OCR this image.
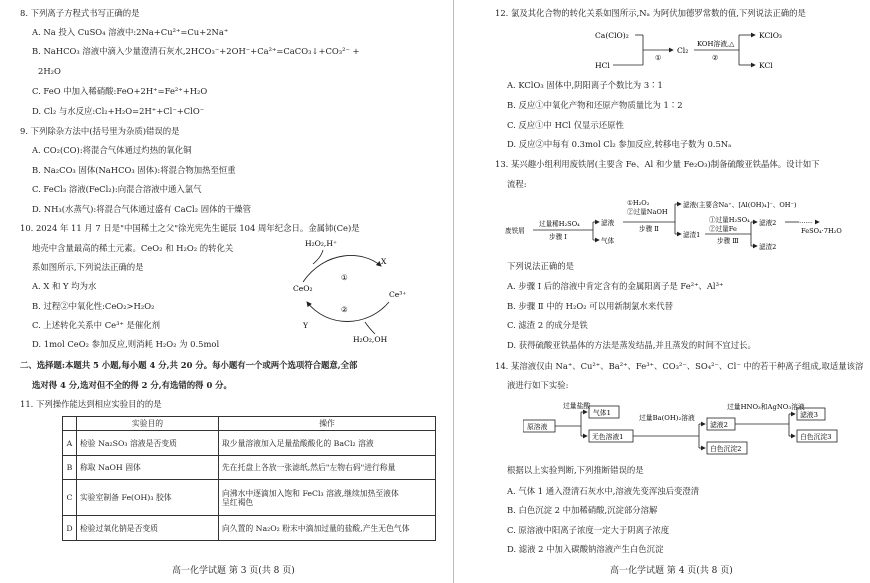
8. 下列离子方程式书写正确的是
A. Na 投入 CuSO₄ 溶液中:2Na+Cu²⁺=Cu+2Na⁺
B. NaHCO₃ 溶液中滴入少量澄清石灰水,2HCO₃⁻+2OH⁻+Ca²⁺=CaCO₃↓+CO₃²⁻ +
2H₂O
C. FeO 中加入稀硝酸:FeO+2H⁺=Fe²⁺+H₂O
D. Cl₂ 与水反应:Cl₂+H₂O=2H⁺+Cl⁻+ClO⁻
9. 下列除杂方法中(括号里为杂质)错误的是
A. CO₂(CO):将混合气体通过灼热的氧化铜
B. Na₂CO₃ 固体(NaHCO₃ 固体):将混合物加热至恒重
C. FeCl₃ 溶液(FeCl₂):向混合溶液中通入氯气
D. NH₃(水蒸气):将混合气体通过盛有 CaCl₂ 固体的干燥管
10. 2024 年 11 月 7 日是"中国稀土之父"徐光宪先生诞辰 104 周年纪念日。金属铈(Ce)是
地壳中含量最高的稀土元素。CeO₂ 和 H₂O₂ 的转化关
系如图所示,下列说法正确的是
A. X 和 Y 均为水
B. 过程②中氧化性:CeO₂>H₂O₂
C. 上述转化关系中 Ce³⁺ 是催化剂
D. 1mol CeO₂ 参加反应,则消耗 H₂O₂ 为 0.5mol
H₂O₂,H⁺
X
①
CeO₂
Ce³⁺
②
Y
H₂O₂,OH
二、选择题:本题共 5 小题,每小题 4 分,共 20 分。每小题有一个或两个选项符合题意,全部
选对得 4 分,选对但不全的得 2 分,有选错的得 0 分。
11. 下列操作能达到相应实验目的的是
	实验目的	操作
A	检验 Na₂SO₃ 溶液是否变质	取少量溶液加入足量盐酸酸化的 BaCl₂ 溶液
B	称取 NaOH 固体	先在托盘上各放一张滤纸,然后"左物右码"进行称量
C	实验室制备 Fe(OH)₃ 胶体	向沸水中逐滴加入饱和 FeCl₃ 溶液,继续加热至液体
呈红褐色

D	检验过氧化钠是否变质	向久置的 Na₂O₂ 粉末中滴加过量的盐酸,产生无色气体
高一化学试题 第 3 页(共 8 页)
12. 氯及其化合物的转化关系如图所示,Nₐ 为阿伏加德罗常数的值,下列说法正确的是
Ca(ClO)₂
HCl
①
Cl₂
KOH溶液,△
②
KClO₃
KCl
A. KClO₃ 固体中,阴阳离子个数比为 3∶1
B. 反应①中氧化产物和还原产物质量比为 1∶2
C. 反应①中 HCl 仅显示还原性
D. 反应②中每有 0.3mol Cl₂ 参加反应,转移电子数为 0.5Nₐ
13. 某兴趣小组利用废铁屑(主要含 Fe、Al 和少量 Fe₂O₃)制备硫酸亚铁晶体。设计如下
流程:
废铁屑
过量稀H₂SO₄
步骤 Ⅰ
滤液
气体
①H₂O₂
②过量NaOH
步骤 Ⅱ
滤液(主要含Na⁺、[Al(OH)₄]⁻、OH⁻)
滤渣1
①过量H₂SO₄
②过量Fe
步骤 Ⅲ
滤液2
滤渣2
……
FeSO₄·7H₂O
下列说法正确的是
A. 步骤 Ⅰ 后的溶液中肯定含有的金属阳离子是 Fe²⁺、Al³⁺
B. 步骤 Ⅱ 中的 H₂O₂ 可以用新制氯水来代替
C. 滤渣 2 的成分是铁
D. 获得硫酸亚铁晶体的方法是蒸发结晶,并且蒸发的时间不宜过长。
14. 某溶液仅由 Na⁺、Cu²⁺、Ba²⁺、Fe³⁺、CO₃²⁻、SO₄²⁻、Cl⁻ 中的若干种离子组成,取适量该溶
液进行如下实验:
原溶液
过量盐酸
气体1
无色溶液1
过量Ba(OH)₂溶液
滤液2
白色沉淀2
过量HNO₃和AgNO₃溶液
滤液3
白色沉淀3
根据以上实验判断,下列推断错误的是
A. 气体 1 通入澄清石灰水中,溶液先变浑浊后变澄清
B. 白色沉淀 2 中加稀硝酸,沉淀部分溶解
C. 原溶液中阳离子浓度一定大于阴离子浓度
D. 滤液 2 中加入碳酸钠溶液产生白色沉淀
高一化学试题 第 4 页(共 8 页)
